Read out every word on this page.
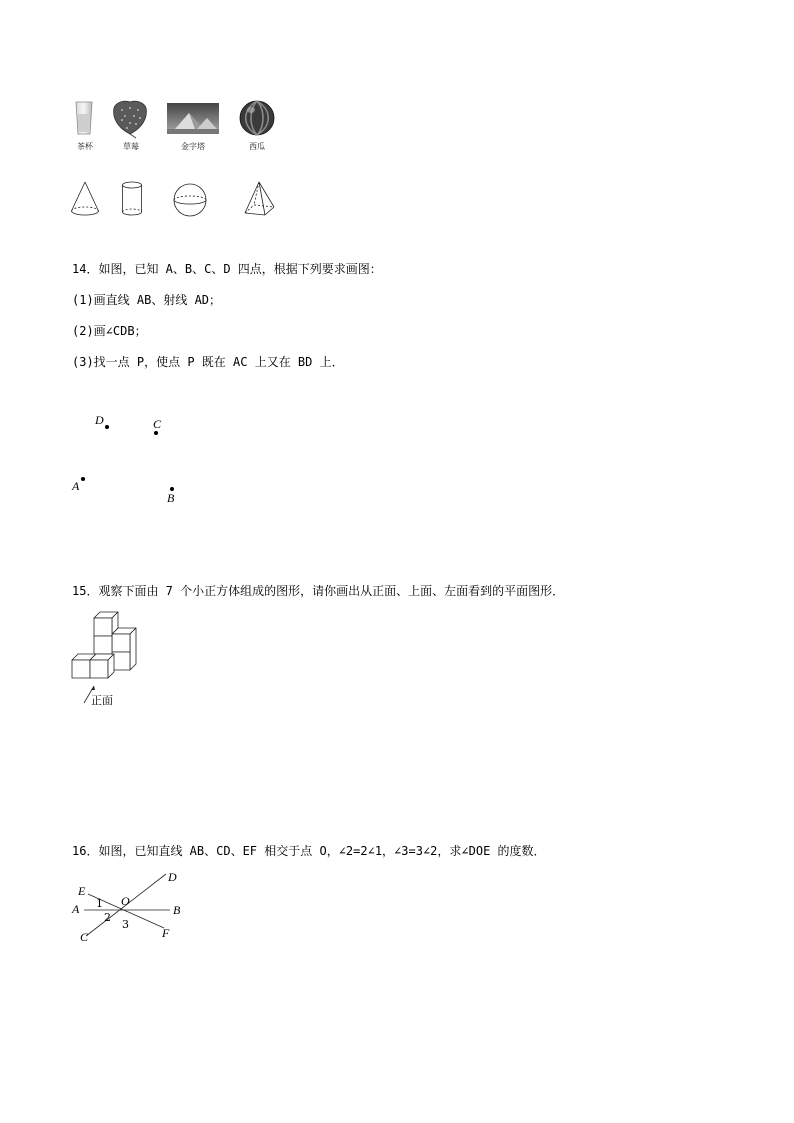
茶杯	草莓	金字塔	西瓜
14．如图，已知 A、B、C、D 四点，根据下列要求画图：
(1)画直线 AB、射线 AD；
(2)画∠CDB；
(3)找一点 P，使点 P 既在 AC 上又在 BD 上．
D	C
A
B
15．观察下面由 7 个小正方体组成的图形，请你画出从正面、上面、左面看到的平面图形．
正面
16．如图，已知直线 AB、CD、EF 相交于点 O，∠2=2∠1，∠3=3∠2，求∠DOE 的度数．
E
D
A
O
B
1
2
3
C	F
